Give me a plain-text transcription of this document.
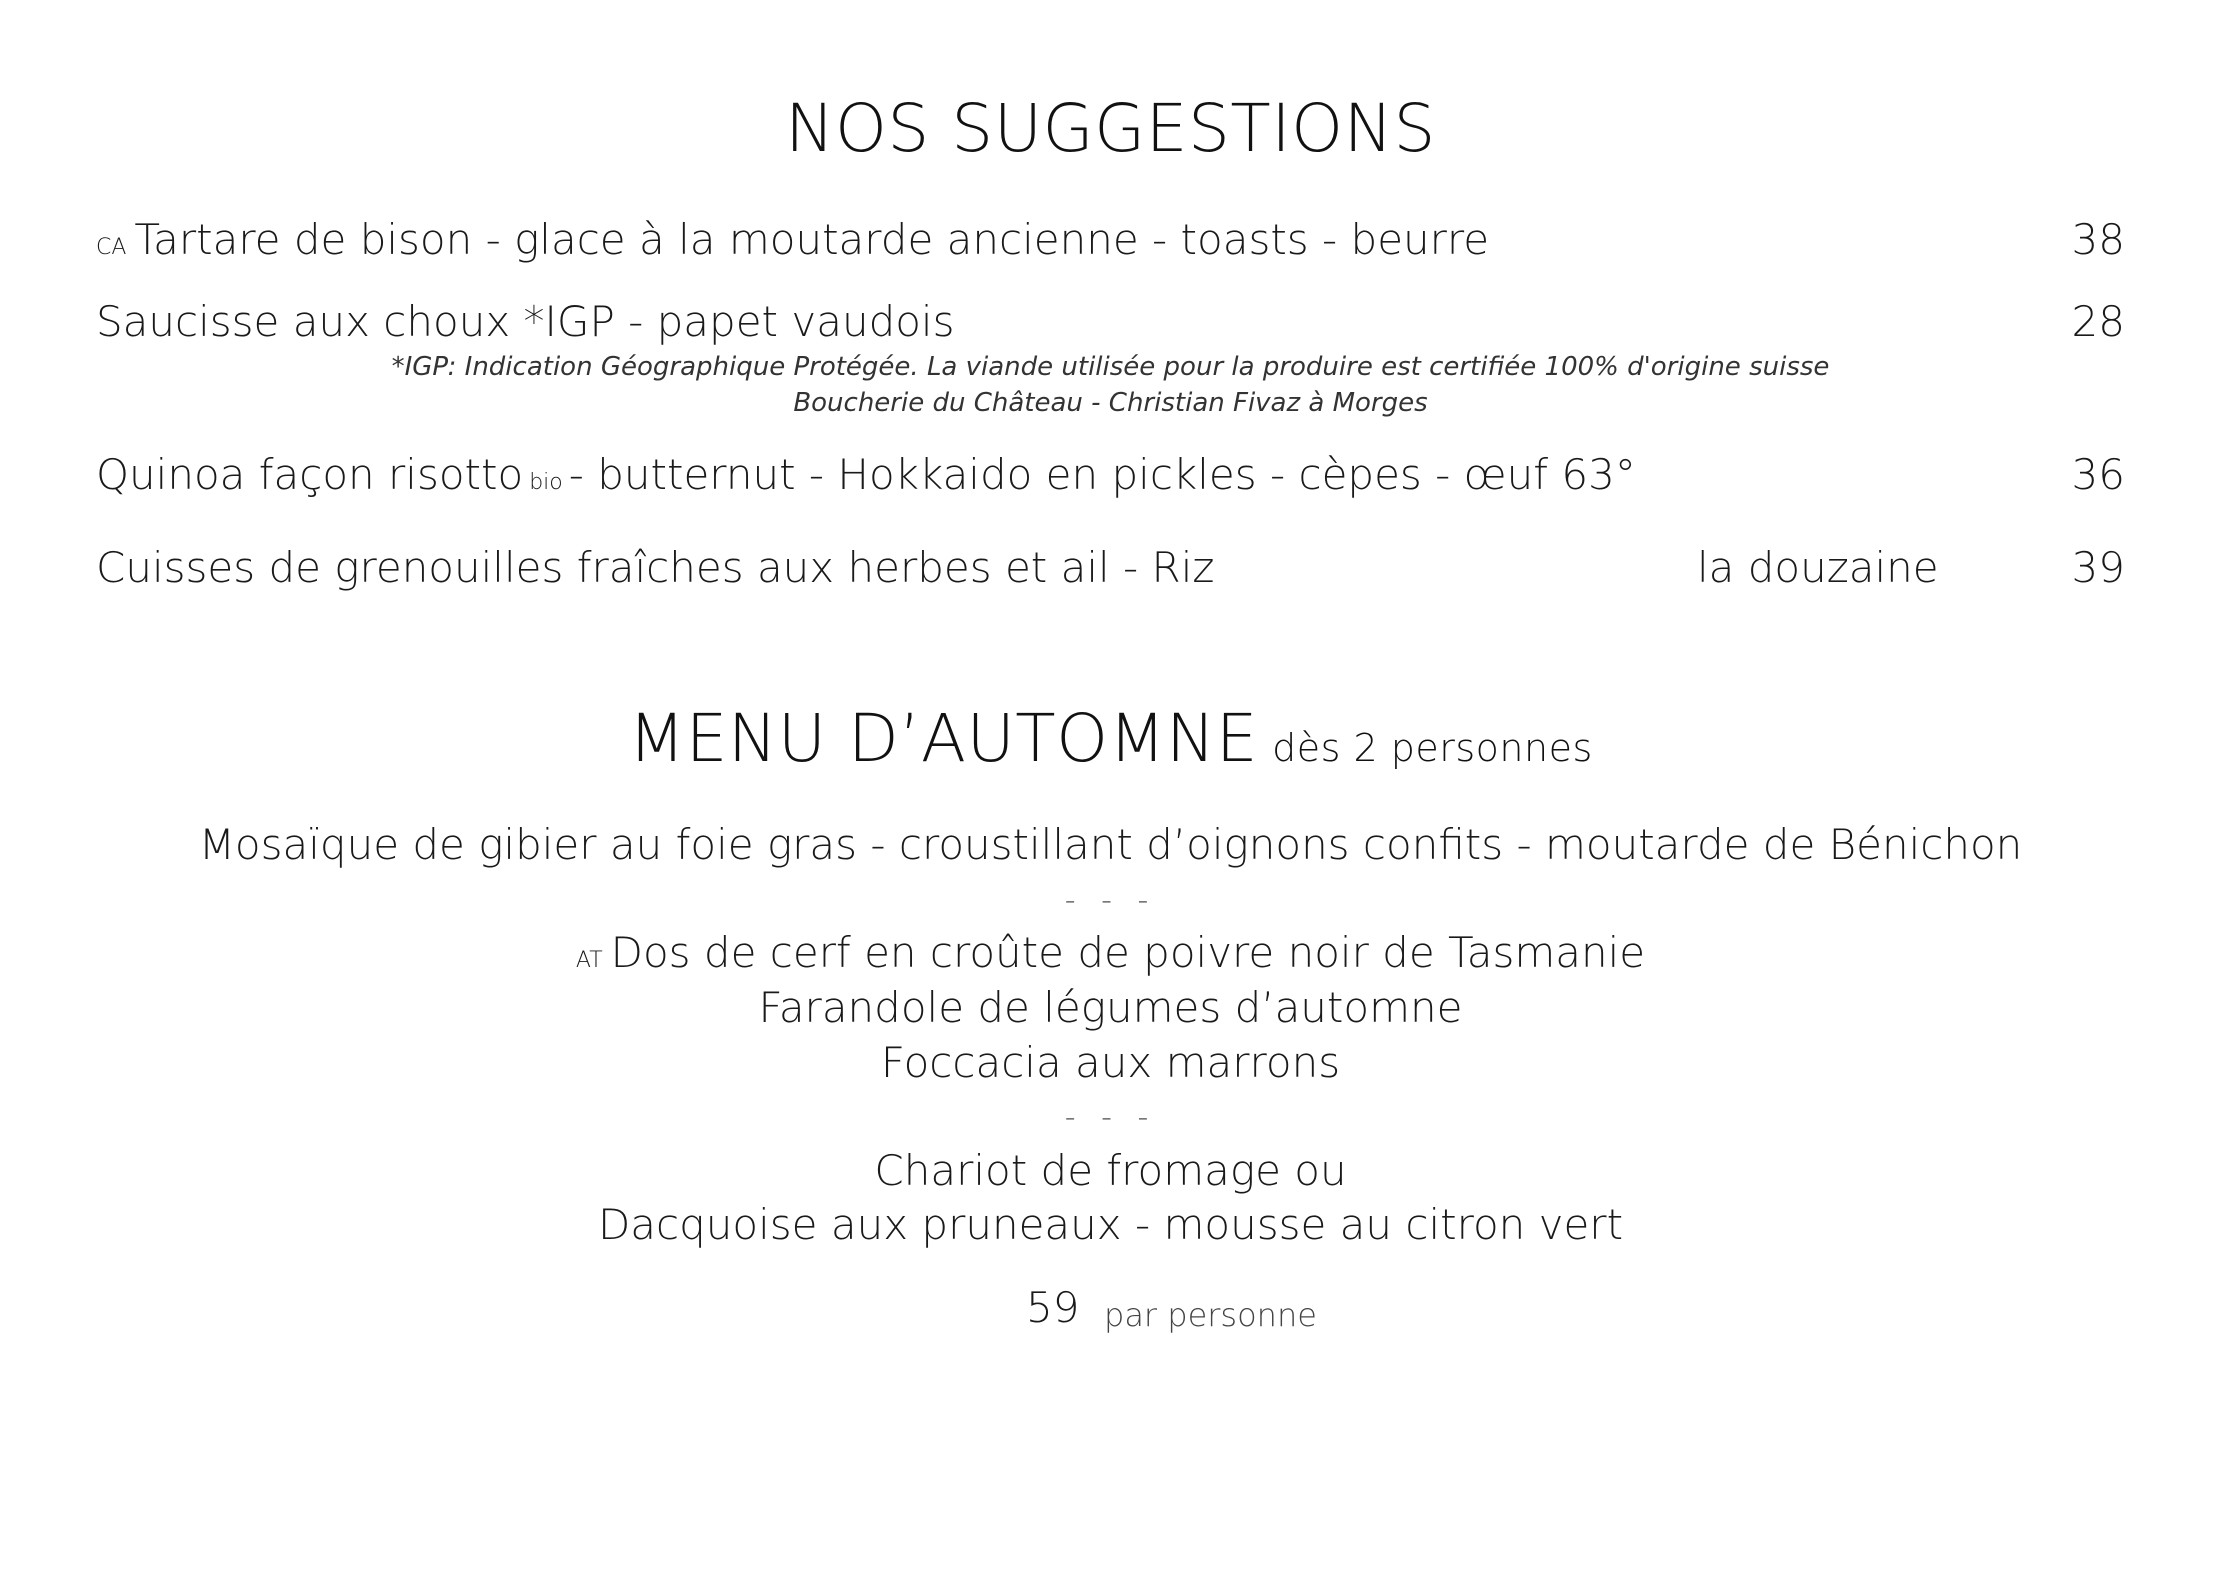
NOS SUGGESTIONS
CA Tartare de bison - glace à la moutarde ancienne - toasts - beurre	38
Saucisse aux choux *IGP - papet vaudois	28
*IGP: Indication Géographique Protégée. La viande utilisée pour la produire est certifiée 100% d'origine suisse
Boucherie du Château - Christian Fivaz à Morges
Quinoa façon risotto bio - butternut - Hokkaido en pickles - cèpes - œuf 63°	36
Cuisses de grenouilles fraîches aux herbes et ail - Riz	la douzaine	39
MENU D’AUTOMNE dès 2 personnes
Mosaïque de gibier au foie gras - croustillant d’oignons confits - moutarde de Bénichon
- - -
AT Dos de cerf en croûte de poivre noir de Tasmanie
Farandole de légumes d’automne
Foccacia aux marrons
- - -
Chariot de fromage ou
Dacquoise aux pruneaux - mousse au citron vert
59 par personne
